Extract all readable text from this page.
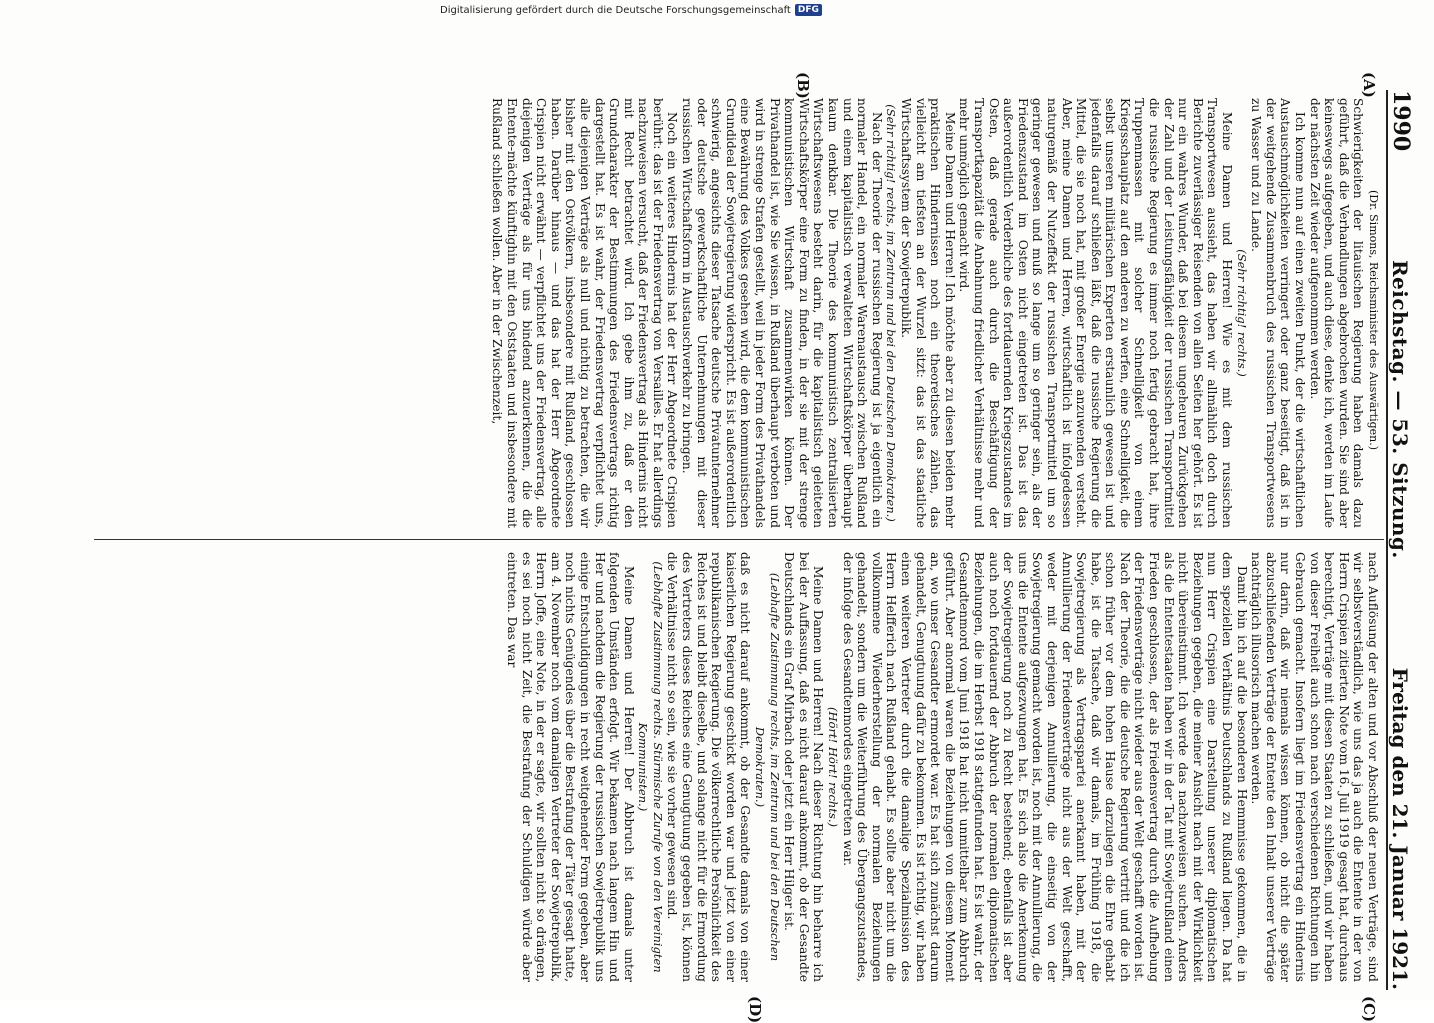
1990
Reichstag. — 53. Sitzung.
Freitag den 21. Januar 1921.
(A)
(B)
(C)
(D)

(Dr. Simons, Reichsminister des Auswärtigen.)

Schwierigkeiten der litauischen Regierung haben damals dazu geführt, daß die Verhandlungen abgebrochen wurden. Sie sind aber keineswegs aufgegeben, und auch diese, denke ich, werden im Laufe der nächsten Zeit wieder aufgenommen werden.

Ich komme nun auf einen zweiten Punkt, der die wirtschaftlichen Austauschmöglichkeiten verringert oder ganz beseitigt, daß ist in der weitgehende Zusammenbruch des russischen Transportwesens zu Wasser und zu Lande.

(Sehr richtig! rechts.)

Meine Damen und Herren! Wie es mit dem russischen Transportwesen aussieht, das haben wir allmählich doch durch Berichte zuverlässiger Reisenden von allen Seiten her gehört. Es ist nur ein wahres Wunder, daß bei diesem ungeheuren Zurückgehen der Zahl und der Leistungsfähigkeit der russischen Transportmittel die russische Regierung es immer noch fertig gebracht hat, ihre Truppenmassen mit solcher Schnelligkeit von einem Kriegsschauplatz auf den anderen zu werfen, eine Schnelligkeit, die selbst unseren militärischen Experten erstaunlich gewesen ist und jedenfalls darauf schließen läßt, daß die russische Regierung die Mittel, die sie noch hat, mit großer Energie anzuwenden versteht. Aber, meine Damen und Herren, wirtschaftlich ist infolgedessen naturgemäß der Nutzeffekt der russischen Transportmittel um so geringer gewesen und muß so lange um so geringer sein, als der Friedenszustand im Osten nicht eingetreten ist. Das ist das außerordentlich Verderbliche des fortdauernden Kriegszustandes im Osten, daß gerade auch durch die Beschäftigung der Transportkapazität die Anbahnung friedlicher Verhältnisse mehr und mehr unmöglich gemacht wird.

Meine Damen und Herren! Ich möchte aber zu diesen beiden mehr praktischen Hindernissen noch ein theoretisches zählen, das vielleicht am tiefsten an der Wurzel sitzt: das ist das staatliche Wirtschaftssystem der Sowjetrepublik.

(Sehr richtig! rechts, im Zentrum und bei den Deutschen Demokraten.)

Nach der Theorie der russischen Regierung ist ja eigentlich ein normaler Handel, ein normaler Warenaustausch zwischen Rußland und einem kapitalistisch verwalteten Wirtschaftskörper überhaupt kaum denkbar. Die Theorie des kommunistisch zentralisierten Wirtschaftswesens besteht darin, für die kapitalistisch geleiteten Wirtschaftskörper eine Form zu finden, in der sie mit der strenge kommunistischen Wirtschaft zusammenwirken können. Der Privathandel ist, wie Sie wissen, in Rußland überhaupt verboten und wird in strenge Strafen gestellt, weil in jeder Form des Privathandels eine Bewährung des Volkes gesehen wird, die dem kommunistischen Grundideal der Sowjetregierung widerspricht. Es ist außerordentlich schwierig, angesichts dieser Tatsache deutsche Privatunternehmer oder deutsche gewerkschaftliche Unternehmungen mit dieser russischen Wirtschaftsform in Austauschverkehr zu bringen.

Noch ein weiteres Hindernis hat der Herr Abgeordnete Crispien berührt: das ist der Friedensvertrag von Versailles. Er hat allerdings nachzuweisen versucht, daß der Friedensvertrag als Hindernis nicht mit Recht betrachtet wird. Ich gebe ihm zu, daß er den Grundcharakter der Bestimmungen des Friedensvertrags richtig dargestellt hat. Es ist wahr, der Friedensvertrag verpflichtet uns, alle diejenigen Verträge als null und nichtig zu betrachten, die wir bisher mit den Ostvölkern, insbesondere mit Rußland, geschlossen haben. Darüber hinaus — und das hat der Herr Abgeordnete Crispien nicht erwähnt — verpflichtet uns der Friedensvertrag, alle diejenigen Verträge als für uns bindend anzuerkennen, die die Entente-mächte künftighin mit den Oststaaten und insbesondere mit Rußland schließen wollen. Aber in der Zwischenzeit,

nach Auflösung der alten und vor Abschluß der neuen Verträge, sind wir selbstverständlich, wie uns das ja auch die Entente in der von Herrn Crispien zitierten Note vom 16. Juli 1919 gesagt hat, durchaus berechtigt, Verträge mit diesen Staaten zu schließen, und wir haben von dieser Freiheit auch schon nach verschiedenen Richtungen hin Gebrauch gemacht. Insofern liegt im Friedensvertrag ein Hindernis nur darin, daß wir niemals wissen können, ob nicht die später abzuschließenden Verträge der Entente den Inhalt unserer Verträge nachträglich illusorisch machen werden.

Damit bin ich auf die besonderen Hemmnisse gekommen, die in dem speziellen Verhältnis Deutschlands zu Rußland liegen. Da hat nun Herr Crispien eine Darstellung unserer diplomatischen Beziehungen gegeben, die meiner Ansicht nach mit der Wirklichkeit nicht übereinstimmt. Ich werde das nachzuweisen suchen. Anders als die Ententestaaten haben wir in der Tat mit Sowjetrußland einen Frieden geschlossen, der als Friedensvertrag durch die Aufhebung der Friedensverträge nicht wieder aus der Welt geschafft worden ist. Nach der Theorie, die die deutsche Regierung vertritt und die ich schon früher vor dem hohen Hause darzulegen die Ehre gehabt habe, ist die Tatsache, daß wir damals, im Frühling 1918, die Sowjetregierung als Vertragspartei anerkannt haben, mit der Annullierung der Friedensverträge nicht aus der Welt geschafft, weder mit derjenigen Annullierung, die einseitig von der Sowjetregierung gemacht worden ist, noch mit der Annullierung, die uns die Entente aufgezwungen hat. Es sich also die Anerkennung der Sowjetregierung noch zu Recht bestehend; ebenfalls ist aber auch noch fortdauernd der Abbruch der normalen diplomatischen Beziehungen, die im Herbst 1918 stattgefunden hat. Es ist wahr, der Gesandtenmord vom Juni 1918 hat nicht unmittelbar zum Abbruch geführt. Aber anormal waren die Beziehungen von diesem Moment an, wo unser Gesandter ermordet war. Es hat sich zunächst darum gehandelt, Genugtuung dafür zu bekommen. Es ist richtig, wir haben einen weiteren Vertreter durch die damalige Spezialmission des Herrn Helfferich nach Rußland gehabt. Es sollte aber nicht um die vollkommene Wiederherstellung der normalen Beziehungen gehandelt, sondern um die Weiterführung des Übergangszustandes, der infolge des Gesandtenmordes eingetreten war.

(Hört! Hört! rechts.)

Meine Damen und Herren! Nach dieser Richtung hin beharre ich bei der Auffassung, daß es nicht darauf ankommt, ob der Gesandte Deutschlands ein Graf Mirbach oder jetzt ein Herr Hilger ist.

(Lebhafte Zustimmung rechts, im Zentrum und bei den Deutschen Demokraten.)

daß es nicht darauf ankommt, ob der Gesandte damals von einer kaiserlichen Regierung geschickt worden war und jetzt von einer republikanischen Regierung. Die völkerrechtliche Persönlichkeit des Reiches ist und bleibt dieselbe, und solange nicht für die Ermordung des Vertreters dieses Reiches eine Genugtuung gegeben ist, können die Verhältnisse nicht so sein, wie sie vorher gewesen sind.

(Lebhafte Zustimmung rechts. Stürmische Zurufe von den Vereinigten Kommunisten.)

Meine Damen und Herren! Der Abbruch ist damals unter folgenden Umständen erfolgt. Wir bekamen nach langem Hin und Her und nachdem die Regierung der russischen Sowjetrepublik uns einige Entschuldigungen in recht weitgehender Form gegeben, aber noch nichts Genügendes über die Bestrafung der Täter gesagt hatte, am 4. November noch vom damaligen Vertreter der Sowjetrepublik, Herrn Joffe, eine Note, in der er sagte, wir sollten nicht so drängen, es sei noch nicht Zeit, die Bestrafung der Schuldigen würde aber eintreten. Das war

Digitalisierung gefördert durch die Deutsche Forschungsgemeinschaft DFG
